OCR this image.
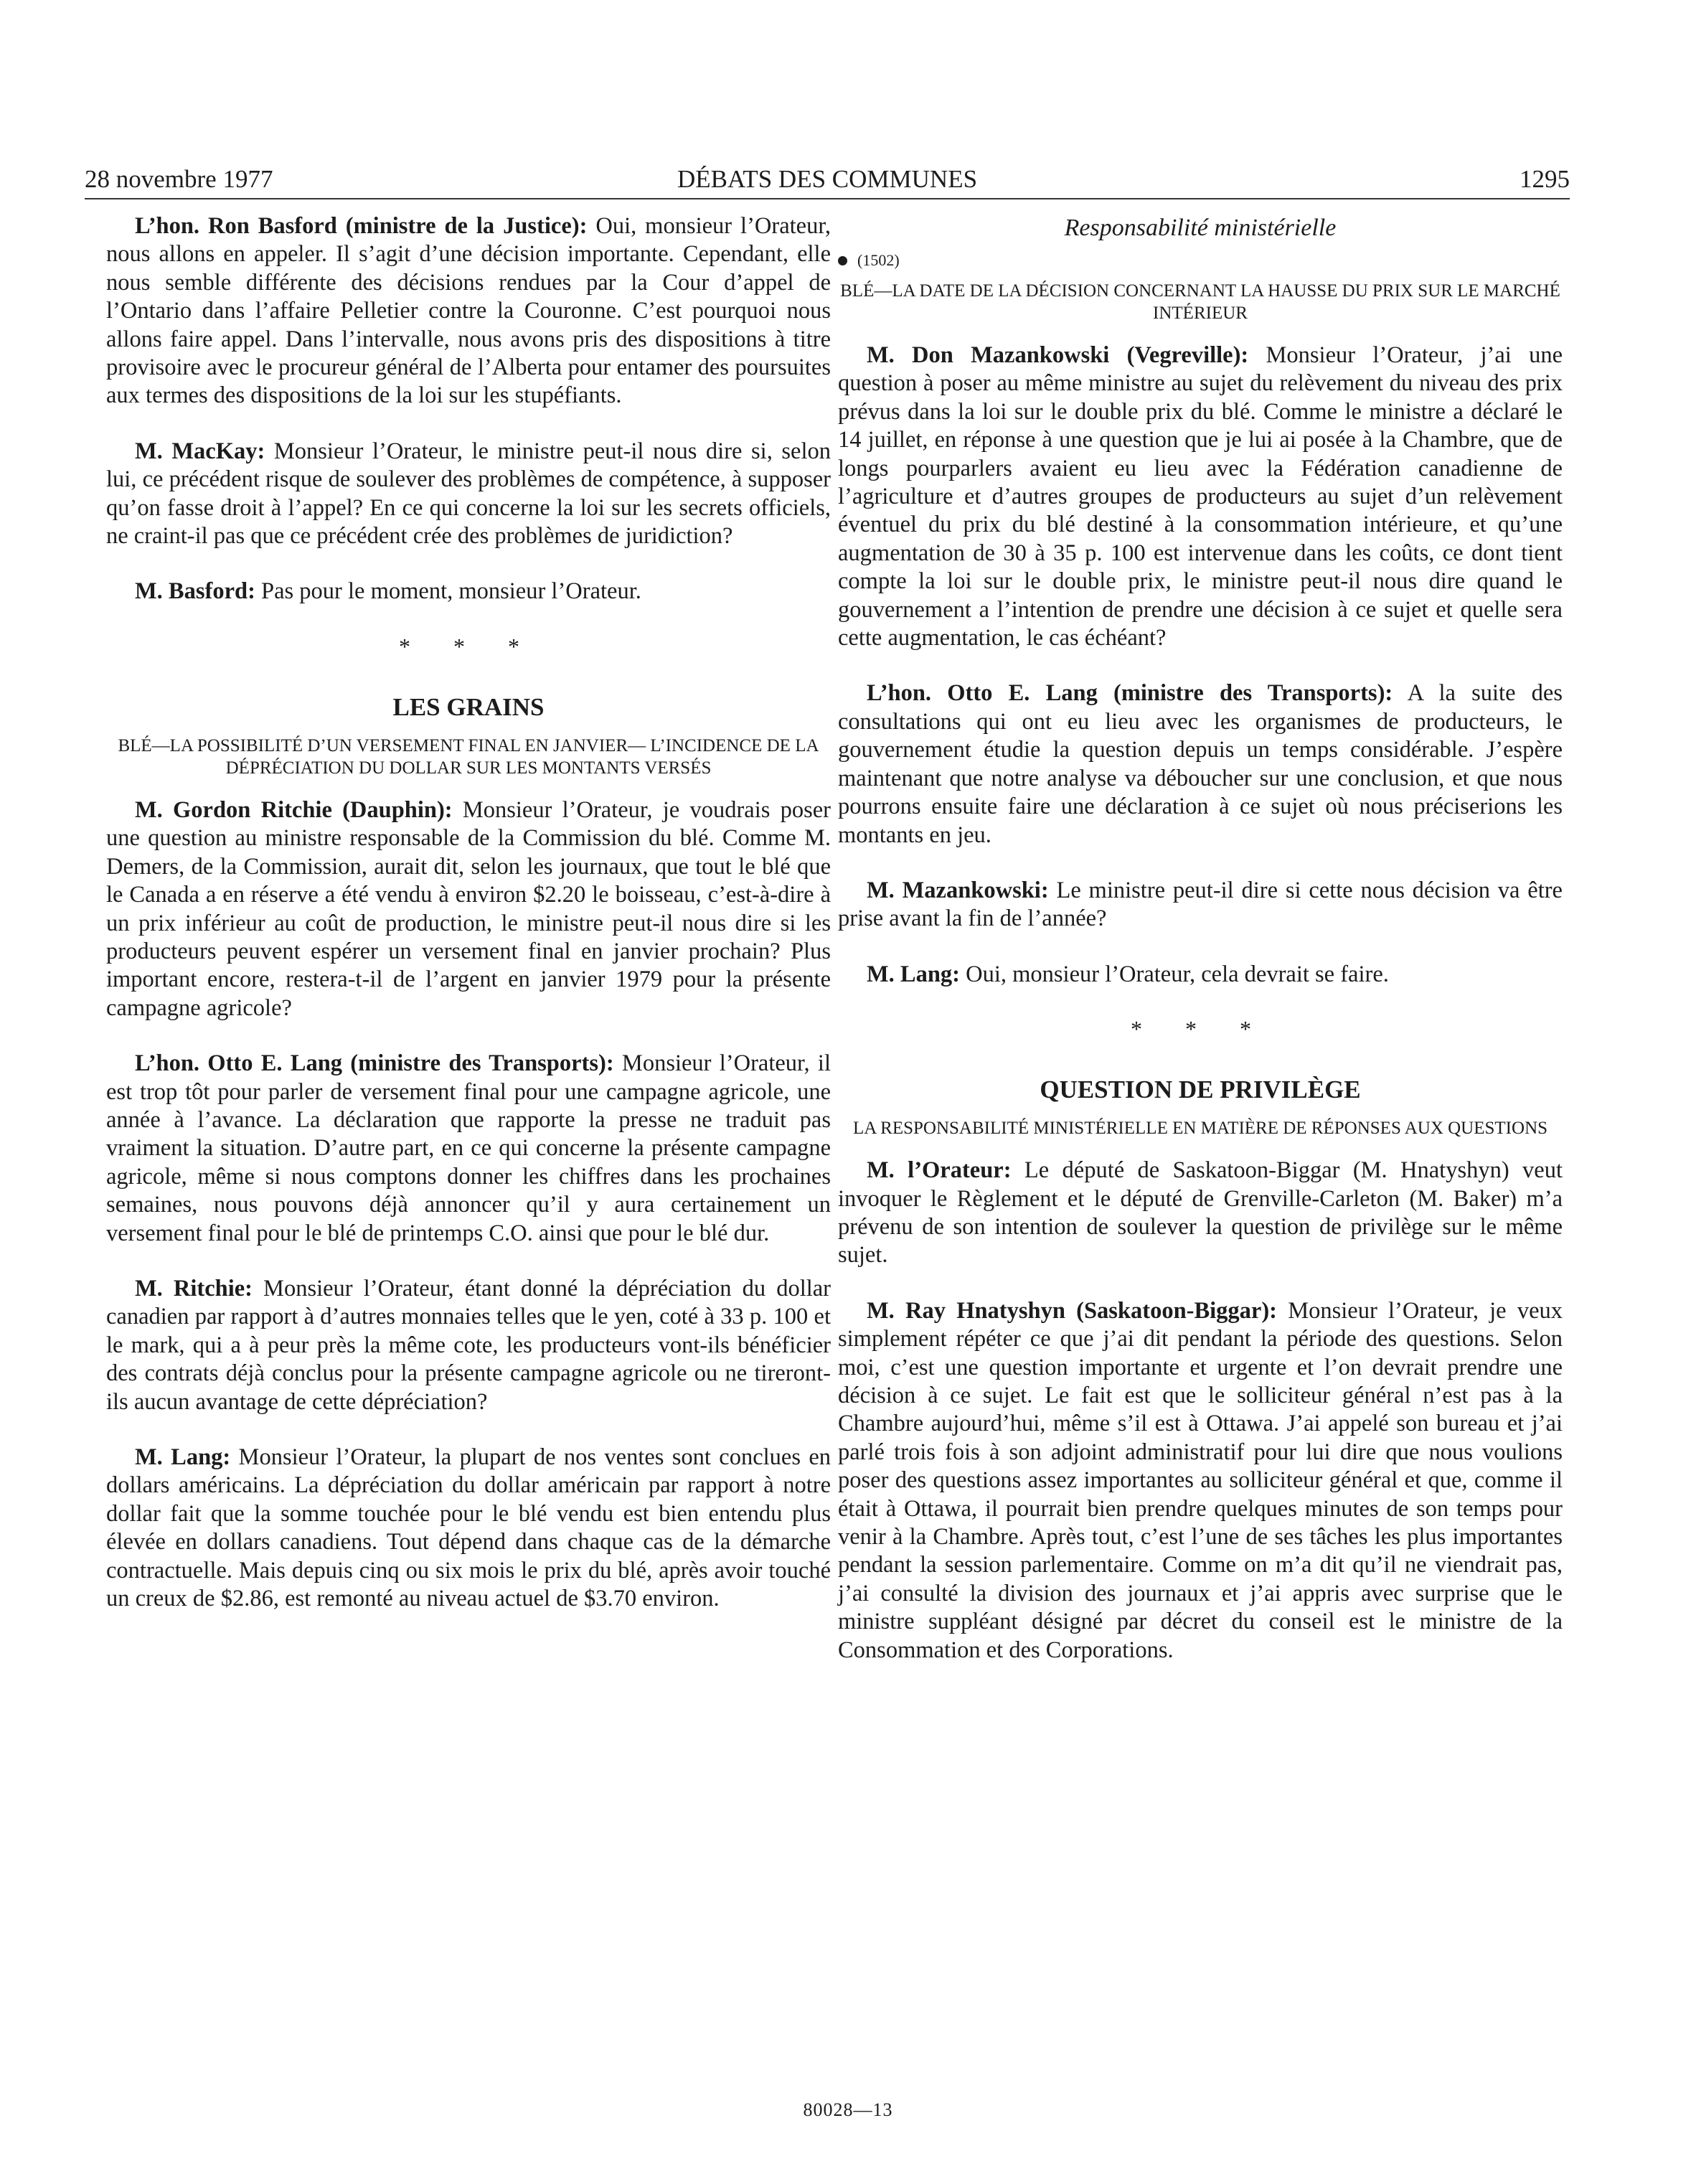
28 novembre 1977	DÉBATS DES COMMUNES	1295

L’hon. Ron Basford (ministre de la Justice): Oui, monsieur l’Orateur, nous allons en appeler. Il s’agit d’une décision importante. Cependant, elle nous semble différente des décisions rendues par la Cour d’appel de l’Ontario dans l’affaire Pelletier contre la Couronne. C’est pourquoi nous allons faire appel. Dans l’intervalle, nous avons pris des dispositions à titre provisoire avec le procureur général de l’Alberta pour entamer des poursuites aux termes des dispositions de la loi sur les stupéfiants.

M. MacKay: Monsieur l’Orateur, le ministre peut-il nous dire si, selon lui, ce précédent risque de soulever des problèmes de compétence, à supposer qu’on fasse droit à l’appel? En ce qui concerne la loi sur les secrets officiels, ne craint-il pas que ce précédent crée des problèmes de juridiction?

M. Basford: Pas pour le moment, monsieur l’Orateur.

* * *
LES GRAINS
BLÉ—LA POSSIBILITÉ D’UN VERSEMENT FINAL EN JANVIER— L’INCIDENCE DE LA DÉPRÉCIATION DU DOLLAR SUR LES MONTANTS VERSÉS

M. Gordon Ritchie (Dauphin): Monsieur l’Orateur, je voudrais poser une question au ministre responsable de la Commission du blé. Comme M. Demers, de la Commission, aurait dit, selon les journaux, que tout le blé que le Canada a en réserve a été vendu à environ $2.20 le boisseau, c’est-à-dire à un prix inférieur au coût de production, le ministre peut-il nous dire si les producteurs peuvent espérer un versement final en janvier prochain? Plus important encore, restera-t-il de l’argent en janvier 1979 pour la présente campagne agricole?

L’hon. Otto E. Lang (ministre des Transports): Monsieur l’Orateur, il est trop tôt pour parler de versement final pour une campagne agricole, une année à l’avance. La déclaration que rapporte la presse ne traduit pas vraiment la situation. D’autre part, en ce qui concerne la présente campagne agricole, même si nous comptons donner les chiffres dans les prochaines semaines, nous pouvons déjà annoncer qu’il y aura certainement un versement final pour le blé de printemps C.O. ainsi que pour le blé dur.

M. Ritchie: Monsieur l’Orateur, étant donné la dépréciation du dollar canadien par rapport à d’autres monnaies telles que le yen, coté à 33 p. 100 et le mark, qui a à peur près la même cote, les producteurs vont-ils bénéficier des contrats déjà conclus pour la présente campagne agricole ou ne tireront-ils aucun avantage de cette dépréciation?

M. Lang: Monsieur l’Orateur, la plupart de nos ventes sont conclues en dollars américains. La dépréciation du dollar américain par rapport à notre dollar fait que la somme touchée pour le blé vendu est bien entendu plus élevée en dollars canadiens. Tout dépend dans chaque cas de la démarche contractuelle. Mais depuis cinq ou six mois le prix du blé, après avoir touché un creux de $2.86, est remonté au niveau actuel de $3.70 environ.

Responsabilité ministérielle
(1502)
BLÉ—LA DATE DE LA DÉCISION CONCERNANT LA HAUSSE DU PRIX SUR LE MARCHÉ INTÉRIEUR

M. Don Mazankowski (Vegreville): Monsieur l’Orateur, j’ai une question à poser au même ministre au sujet du relèvement du niveau des prix prévus dans la loi sur le double prix du blé. Comme le ministre a déclaré le 14 juillet, en réponse à une question que je lui ai posée à la Chambre, que de longs pourparlers avaient eu lieu avec la Fédération canadienne de l’agriculture et d’autres groupes de producteurs au sujet d’un relèvement éventuel du prix du blé destiné à la consommation intérieure, et qu’une augmentation de 30 à 35 p. 100 est intervenue dans les coûts, ce dont tient compte la loi sur le double prix, le ministre peut-il nous dire quand le gouvernement a l’intention de prendre une décision à ce sujet et quelle sera cette augmentation, le cas échéant?

L’hon. Otto E. Lang (ministre des Transports): A la suite des consultations qui ont eu lieu avec les organismes de producteurs, le gouvernement étudie la question depuis un temps considérable. J’espère maintenant que notre analyse va déboucher sur une conclusion, et que nous pourrons ensuite faire une déclaration à ce sujet où nous préciserions les montants en jeu.

M. Mazankowski: Le ministre peut-il dire si cette nous décision va être prise avant la fin de l’année?

M. Lang: Oui, monsieur l’Orateur, cela devrait se faire.

* * *
QUESTION DE PRIVILÈGE
LA RESPONSABILITÉ MINISTÉRIELLE EN MATIÈRE DE RÉPONSES AUX QUESTIONS

M. l’Orateur: Le député de Saskatoon-Biggar (M. Hnatyshyn) veut invoquer le Règlement et le député de Grenville-Carleton (M. Baker) m’a prévenu de son intention de soulever la question de privilège sur le même sujet.

M. Ray Hnatyshyn (Saskatoon-Biggar): Monsieur l’Orateur, je veux simplement répéter ce que j’ai dit pendant la période des questions. Selon moi, c’est une question importante et urgente et l’on devrait prendre une décision à ce sujet. Le fait est que le solliciteur général n’est pas à la Chambre aujourd’hui, même s’il est à Ottawa. J’ai appelé son bureau et j’ai parlé trois fois à son adjoint administratif pour lui dire que nous voulions poser des questions assez importantes au solliciteur général et que, comme il était à Ottawa, il pourrait bien prendre quelques minutes de son temps pour venir à la Chambre. Après tout, c’est l’une de ses tâches les plus importantes pendant la session parlementaire. Comme on m’a dit qu’il ne viendrait pas, j’ai consulté la division des journaux et j’ai appris avec surprise que le ministre suppléant désigné par décret du conseil est le ministre de la Consommation et des Corporations.

80028—13
